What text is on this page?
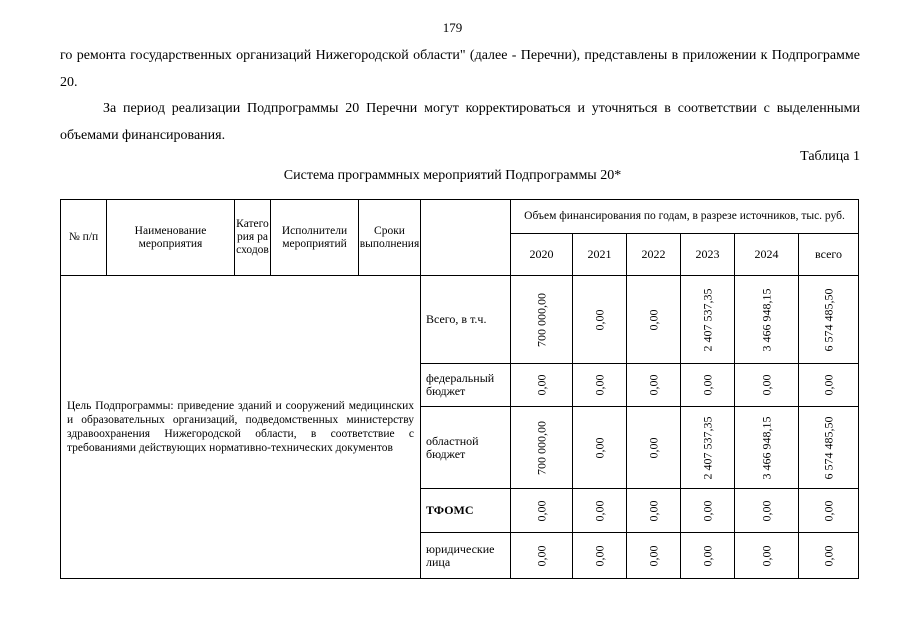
179
го ремонта государственных организаций Нижегородской области" (далее - Перечни), представлены в приложении к Подпрограмме 20.
За период реализации Подпрограммы 20 Перечни могут корректироваться и уточняться в соответствии с выделенными объемами финансирования.
Таблица 1
Система программных мероприятий Подпрограммы 20*
№ п/п	Наименование мероприятия	Категория расходов	Исполнители мероприятий	Сроки выполнения		Объем финансирования по годам, в разрезе источников, тыс. руб.					
						2020	2021	2022	2023	2024	всего
Цель Подпрограммы: приведение зданий и сооружений медицинских и образовательных организаций, подведомственных министерству здравоохранения Нижегородской области, в соответствие с требованиями действующих нормативно-технических документов					Всего, в т.ч.	700 000,00	0,00	0,00	2 407 537,35	3 466 948,15	6 574 485,50

					федеральный бюджет	0,00	0,00	0,00	0,00	0,00	0,00

					областной бюджет	700 000,00	0,00	0,00	2 407 537,35	3 466 948,15	6 574 485,50

					ТФОМС	0,00	0,00	0,00	0,00	0,00	0,00

					юридические лица	0,00	0,00	0,00	0,00	0,00	0,00
